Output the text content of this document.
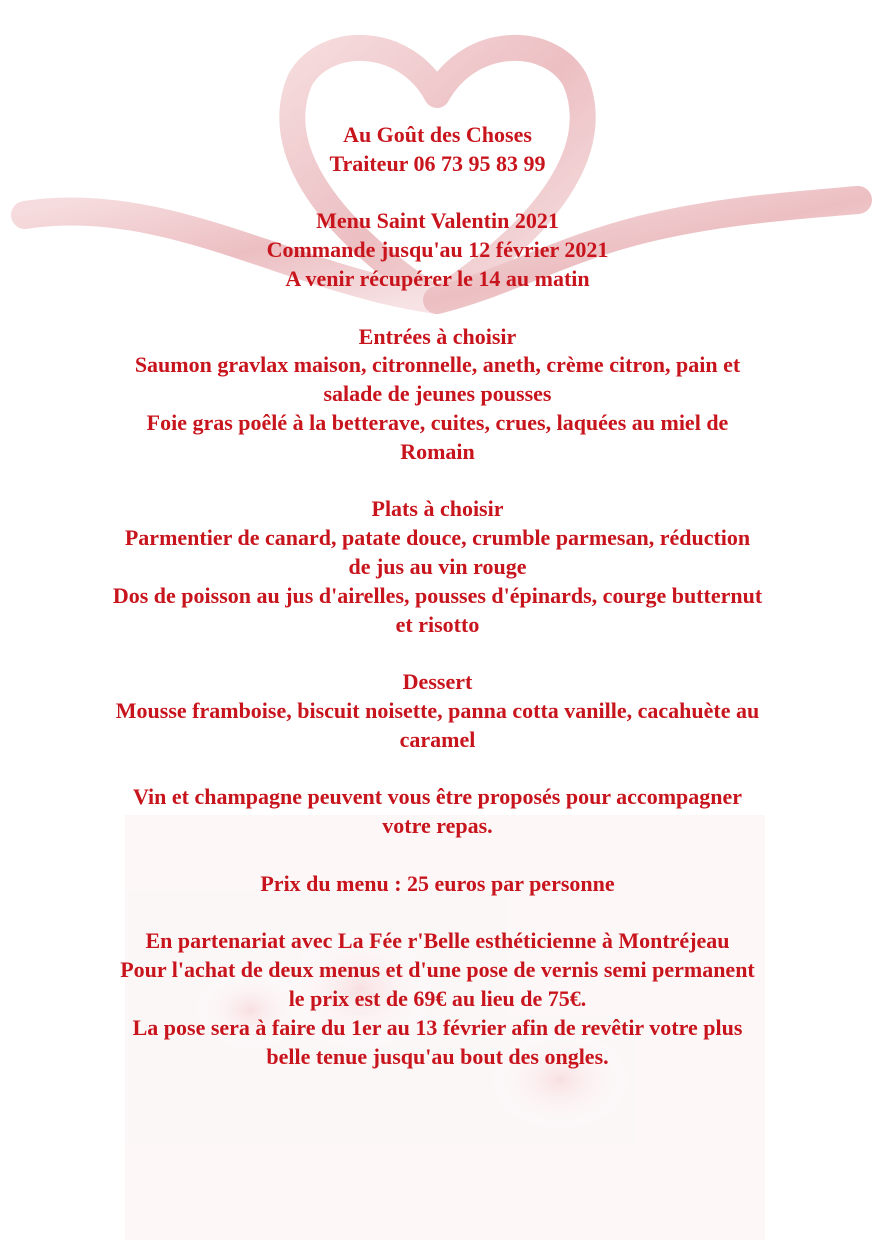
Au Goût des Choses

Traiteur 06 73 95 83 99

Menu Saint Valentin 2021

Commande jusqu'au 12 février 2021

A venir récupérer le 14 au matin

Entrées à choisir

Saumon gravlax maison, citronnelle, aneth, crème citron, pain et salade de jeunes pousses

Foie gras poêlé à la betterave, cuites, crues, laquées au miel de Romain

Plats à choisir

Parmentier de canard, patate douce, crumble parmesan, réduction de jus au vin rouge

Dos de poisson au jus d'airelles, pousses d'épinards, courge butternut et risotto

Dessert

Mousse framboise, biscuit noisette, panna cotta vanille, cacahuète au caramel

Vin et champagne peuvent vous être proposés pour accompagner votre repas.

Prix du menu : 25 euros par personne

En partenariat avec La Fée r'Belle esthéticienne à Montréjeau

Pour l'achat de deux menus et d'une pose de vernis semi permanent le prix est de 69€ au lieu de 75€.

La pose sera à faire du 1er au 13 février afin de revêtir votre plus belle tenue jusqu'au bout des ongles.
